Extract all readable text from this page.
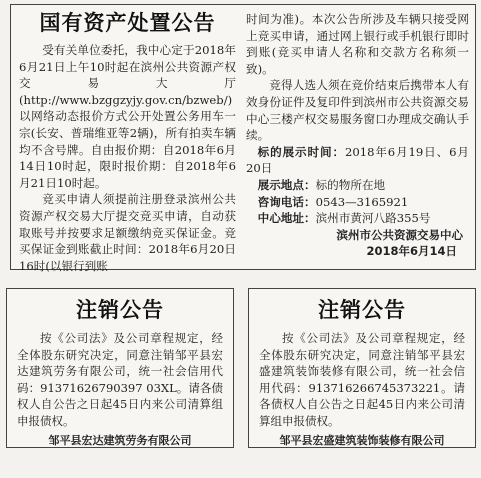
国有资产处置公告

受有关单位委托，我中心定于2018年6月21日上午10时起在滨州公共资源产权交易大厅(http://www.bzggzyjy.gov.cn/bzweb/)以网络动态报价方式公开处置公务用车一宗(长安、普瑞维亚等2辆)，所有拍卖车辆均不含号牌。自由报价期：自2018年6月14日10时起，限时报价期：自2018年6月21日10时起。

竞买申请人须提前注册登录滨州公共资源产权交易大厅提交竞买申请，自动获取账号并按要求足额缴纳竞买保证金。竞买保证金到账截止时间：2018年6月20日16时(以银行到账

时间为准)。本次公告所涉及车辆只接受网上竞买申请，通过网上银行或手机银行即时到账(竞买申请人名称和交款方名称须一致)。

竞得人选人须在竞价结束后携带本人有效身份证件及复印件到滨州市公共资源交易中心三楼产权交易服务窗口办理成交确认手续。

标的展示时间：2018年6月19日、6月20日

展示地点：标的物所在地

咨询电话：0543—3165921

中心地址：滨州市黄河八路355号

滨州市公共资源交易中心

2018年6月14日

注销公告

按《公司法》及公司章程规定，经全体股东研究决定，同意注销邹平县宏达建筑劳务有限公司，统一社会信用代码：91371626790397 03XL。请各债权人自公告之日起45日内来公司清算组申报债权。

邹平县宏达建筑劳务有限公司

注销公告

按《公司法》及公司章程规定，经全体股东研究决定，同意注销邹平县宏盛建筑装饰装修有限公司，统一社会信用代码：913716266745373221。请各债权人自公告之日起45日内来公司清算组申报债权。

邹平县宏盛建筑装饰装修有限公司
